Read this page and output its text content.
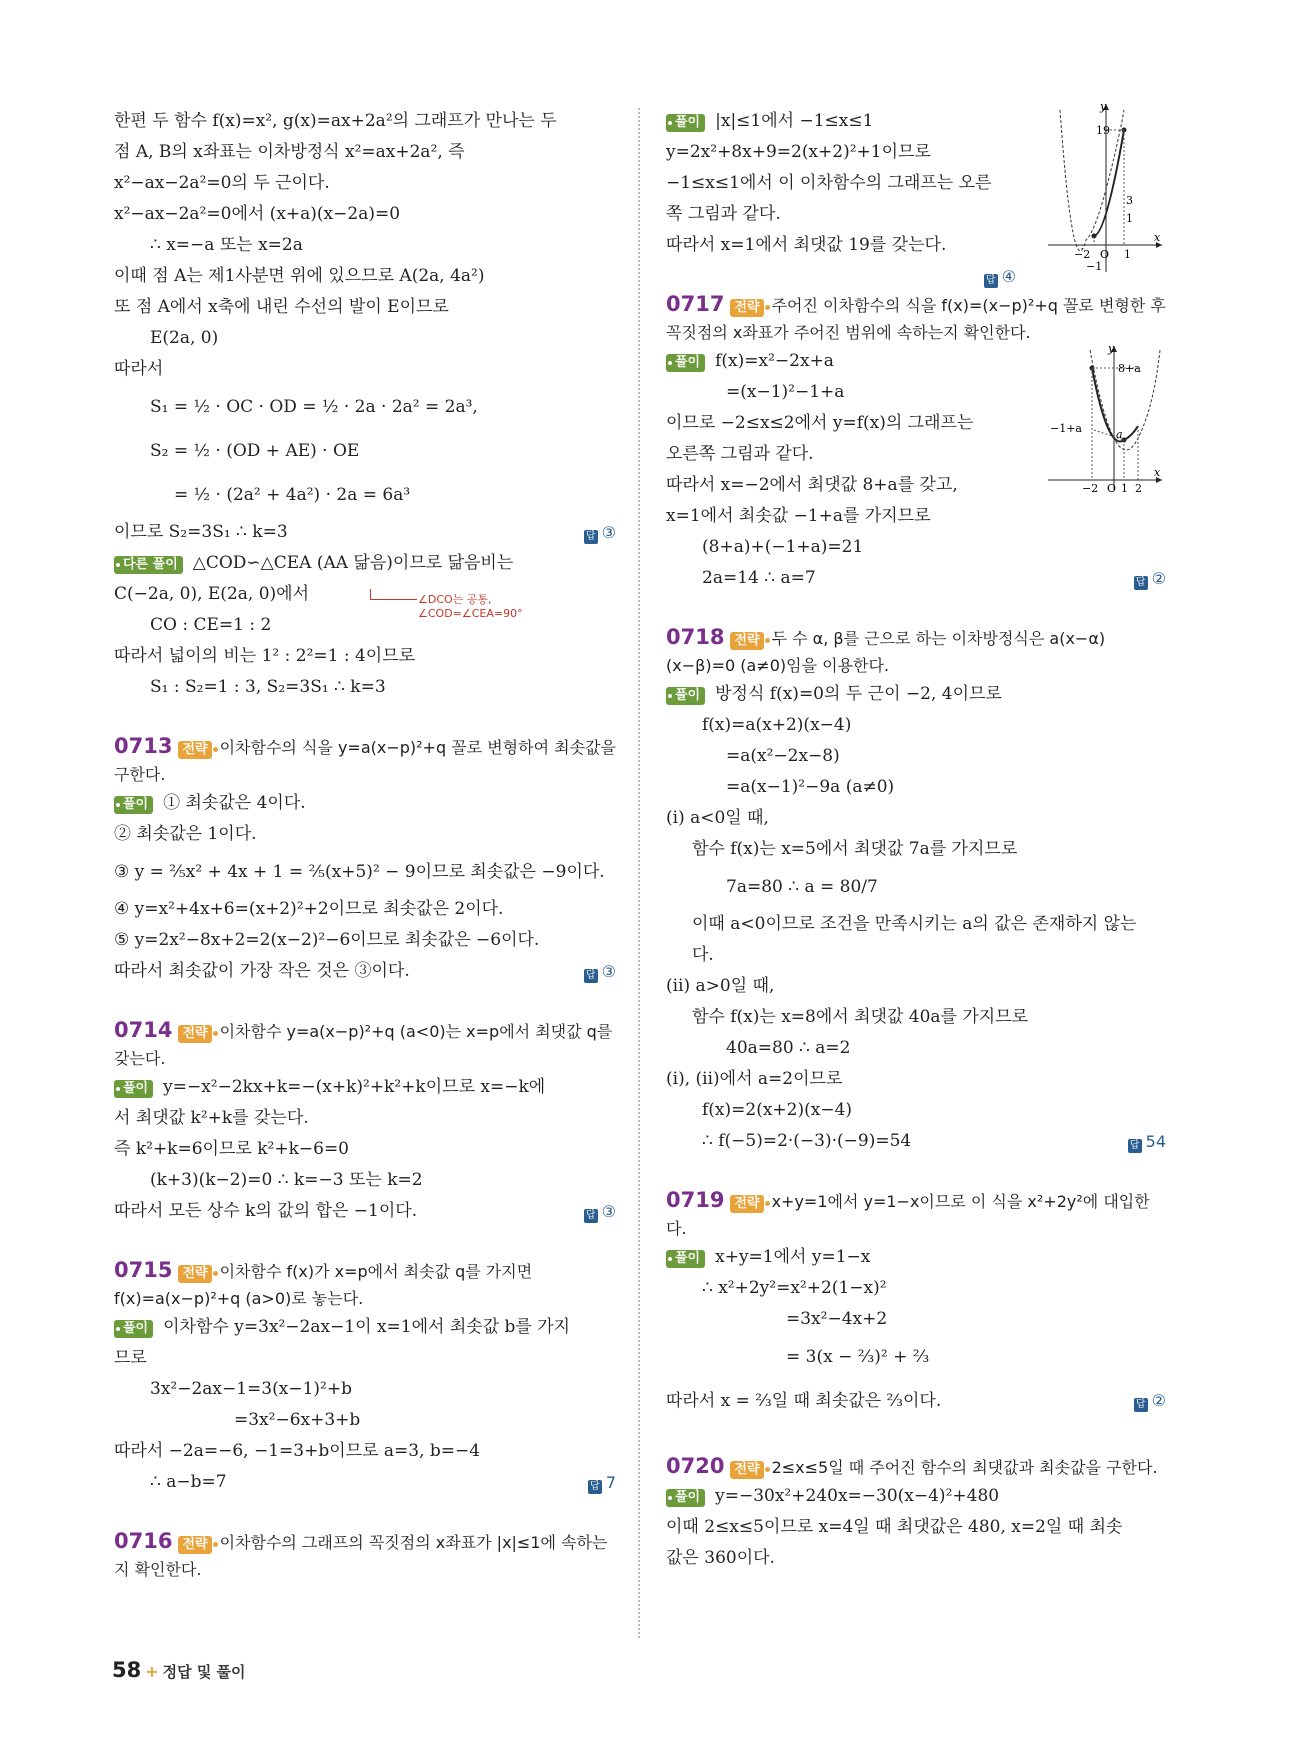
한편 두 함수 f(x)=x², g(x)=ax+2a²의 그래프가 만나는 두
점 A, B의 x좌표는 이차방정식 x²=ax+2a², 즉
x²−ax−2a²=0의 두 근이다.
x²−ax−2a²=0에서 (x+a)(x−2a)=0
∴ x=−a 또는 x=2a
이때 점 A는 제1사분면 위에 있으므로 A(2a, 4a²)
또 점 A에서 x축에 내린 수선의 발이 E이므로
E(2a, 0)
따라서
S₁ = ½ · OC · OD = ½ · 2a · 2a² = 2a³,
S₂ = ½ · (OD + AE) · OE
= ½ · (2a² + 4a²) · 2a = 6a³
이므로 S₂=3S₁ ∴ k=3	답 ③
다른 풀이 △COD∽△CEA (AA 닮음)이므로 닮음비는
C(−2a, 0), E(2a, 0)에서	∠DCO는 공통,
∠COD=∠CEA=90°
CO : CE=1 : 2
따라서 넓이의 비는 1² : 2²=1 : 4이므로
S₁ : S₂=1 : 3, S₂=3S₁ ∴ k=3
0713 전략 이차함수의 식을 y=a(x−p)²+q 꼴로 변형하여 최솟값을 구한다.
풀이 ① 최솟값은 4이다.
② 최솟값은 1이다.
③ y = ⅖x² + 4x + 1 = ⅖(x+5)² − 9이므로 최솟값은 −9이다.
④ y=x²+4x+6=(x+2)²+2이므로 최솟값은 2이다.
⑤ y=2x²−8x+2=2(x−2)²−6이므로 최솟값은 −6이다.
따라서 최솟값이 가장 작은 것은 ③이다.	답 ③
0714 전략 이차함수 y=a(x−p)²+q (a<0)는 x=p에서 최댓값 q를 갖는다.
풀이 y=−x²−2kx+k=−(x+k)²+k²+k이므로 x=−k에
서 최댓값 k²+k를 갖는다.
즉 k²+k=6이므로 k²+k−6=0
(k+3)(k−2)=0 ∴ k=−3 또는 k=2
따라서 모든 상수 k의 값의 합은 −1이다.	답 ③
0715 전략 이차함수 f(x)가 x=p에서 최솟값 q를 가지면 f(x)=a(x−p)²+q (a>0)로 놓는다.
풀이 이차함수 y=3x²−2ax−1이 x=1에서 최솟값 b를 가지
므로
3x²−2ax−1=3(x−1)²+b
=3x²−6x+3+b
따라서 −2a=−6, −1=3+b이므로 a=3, b=−4
∴ a−b=7	답 7
0716 전략 이차함수의 그래프의 꼭짓점의 x좌표가 |x|≤1에 속하는지 확인한다.
풀이 |x|≤1에서 −1≤x≤1
y=2x²+8x+9=2(x+2)²+1이므로
−1≤x≤1에서 이 이차함수의 그래프는 오른
쪽 그림과 같다.
따라서 x=1에서 최댓값 19를 갖는다.
답 ④
y
x
19
3
1
−2 O 1
−1
0717 전략 주어진 이차함수의 식을 f(x)=(x−p)²+q 꼴로 변형한 후 꼭짓점의 x좌표가 주어진 범위에 속하는지 확인한다.
풀이 f(x)=x²−2x+a
=(x−1)²−1+a
이므로 −2≤x≤2에서 y=f(x)의 그래프는
오른쪽 그림과 같다.
따라서 x=−2에서 최댓값 8+a를 갖고,
x=1에서 최솟값 −1+a를 가지므로
(8+a)+(−1+a)=21
2a=14 ∴ a=7	답 ②
y
x
8+a
−1+a	a
−2 O 1 2
0718 전략 두 수 α, β를 근으로 하는 이차방정식은 a(x−α)(x−β)=0 (a≠0)임을 이용한다.
풀이 방정식 f(x)=0의 두 근이 −2, 4이므로
f(x)=a(x+2)(x−4)
=a(x²−2x−8)
=a(x−1)²−9a (a≠0)
(ⅰ) a<0일 때,
함수 f(x)는 x=5에서 최댓값 7a를 가지므로
7a=80 ∴ a = 80/7
이때 a<0이므로 조건을 만족시키는 a의 값은 존재하지 않는
다.
(ⅱ) a>0일 때,
함수 f(x)는 x=8에서 최댓값 40a를 가지므로
40a=80 ∴ a=2
(ⅰ), (ⅱ)에서 a=2이므로
f(x)=2(x+2)(x−4)
∴ f(−5)=2·(−3)·(−9)=54	답 54
0719 전략 x+y=1에서 y=1−x이므로 이 식을 x²+2y²에 대입한다.
풀이 x+y=1에서 y=1−x
∴ x²+2y²=x²+2(1−x)²
=3x²−4x+2
= 3(x − ⅔)² + ⅔
따라서 x = ⅔일 때 최솟값은 ⅔이다.	답 ②
0720 전략 2≤x≤5일 때 주어진 함수의 최댓값과 최솟값을 구한다.
풀이 y=−30x²+240x=−30(x−4)²+480
이때 2≤x≤5이므로 x=4일 때 최댓값은 480, x=2일 때 최솟
값은 360이다.
58 + 정답 및 풀이
